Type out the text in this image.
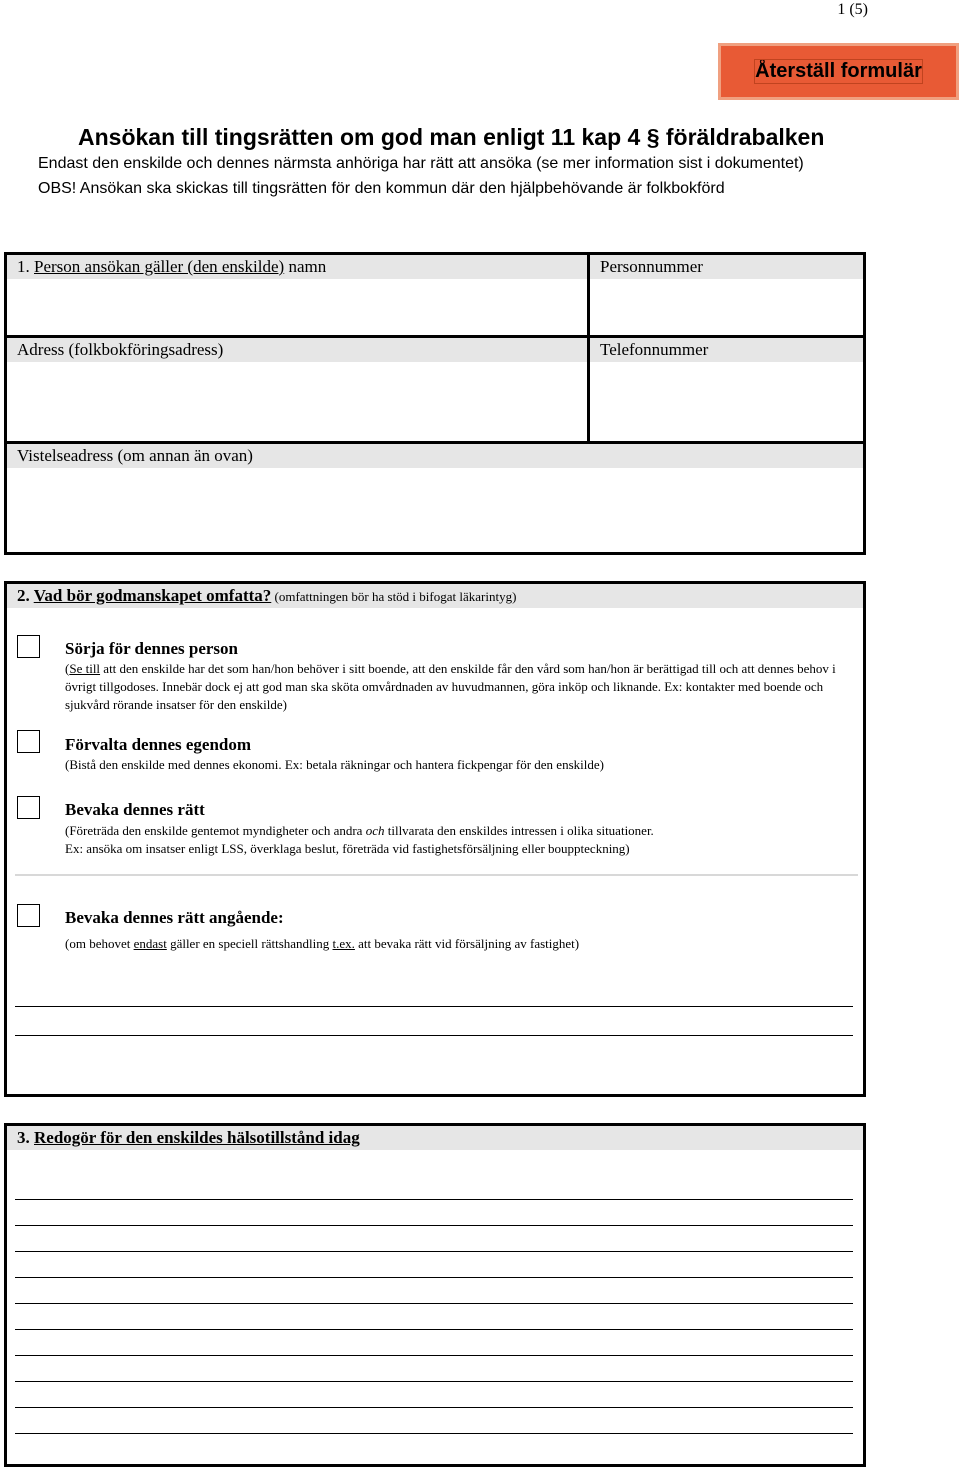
1 (5)
Återställ formulär
Ansökan till tingsrätten om god man enligt 11 kap 4 § föräldrabalken
Endast den enskilde och dennes närmsta anhöriga har rätt att ansöka (se mer information sist i dokumentet)
OBS! Ansökan ska skickas till tingsrätten för den kommun där den hjälpbehövande är folkbokförd
1. Person ansökan gäller (den enskilde) namn	Personnummer
Adress (folkbokföringsadress)	Telefonnummer
Vistelseadress (om annan än ovan)
2. Vad bör godmanskapet omfatta? (omfattningen bör ha stöd i bifogat läkarintyg)
Sörja för dennes person
(Se till att den enskilde har det som han/hon behöver i sitt boende, att den enskilde får den vård som han/hon är berättigad till och att dennes behov i övrigt tillgodoses. Innebär dock ej att god man ska sköta omvårdnaden av huvudmannen, göra inköp och liknande. Ex: kontakter med boende och sjukvård rörande insatser för den enskilde)
Förvalta dennes egendom
(Bistå den enskilde med dennes ekonomi. Ex: betala räkningar och hantera fickpengar för den enskilde)
Bevaka dennes rätt
(Företräda den enskilde gentemot myndigheter och andra och tillvarata den enskildes intressen i olika situationer.
Ex: ansöka om insatser enligt LSS, överklaga beslut, företräda vid fastighetsförsäljning eller bouppteckning)
Bevaka dennes rätt angående:
(om behovet endast gäller en speciell rättshandling t.ex. att bevaka rätt vid försäljning av fastighet)
3. Redogör för den enskildes hälsotillstånd idag
